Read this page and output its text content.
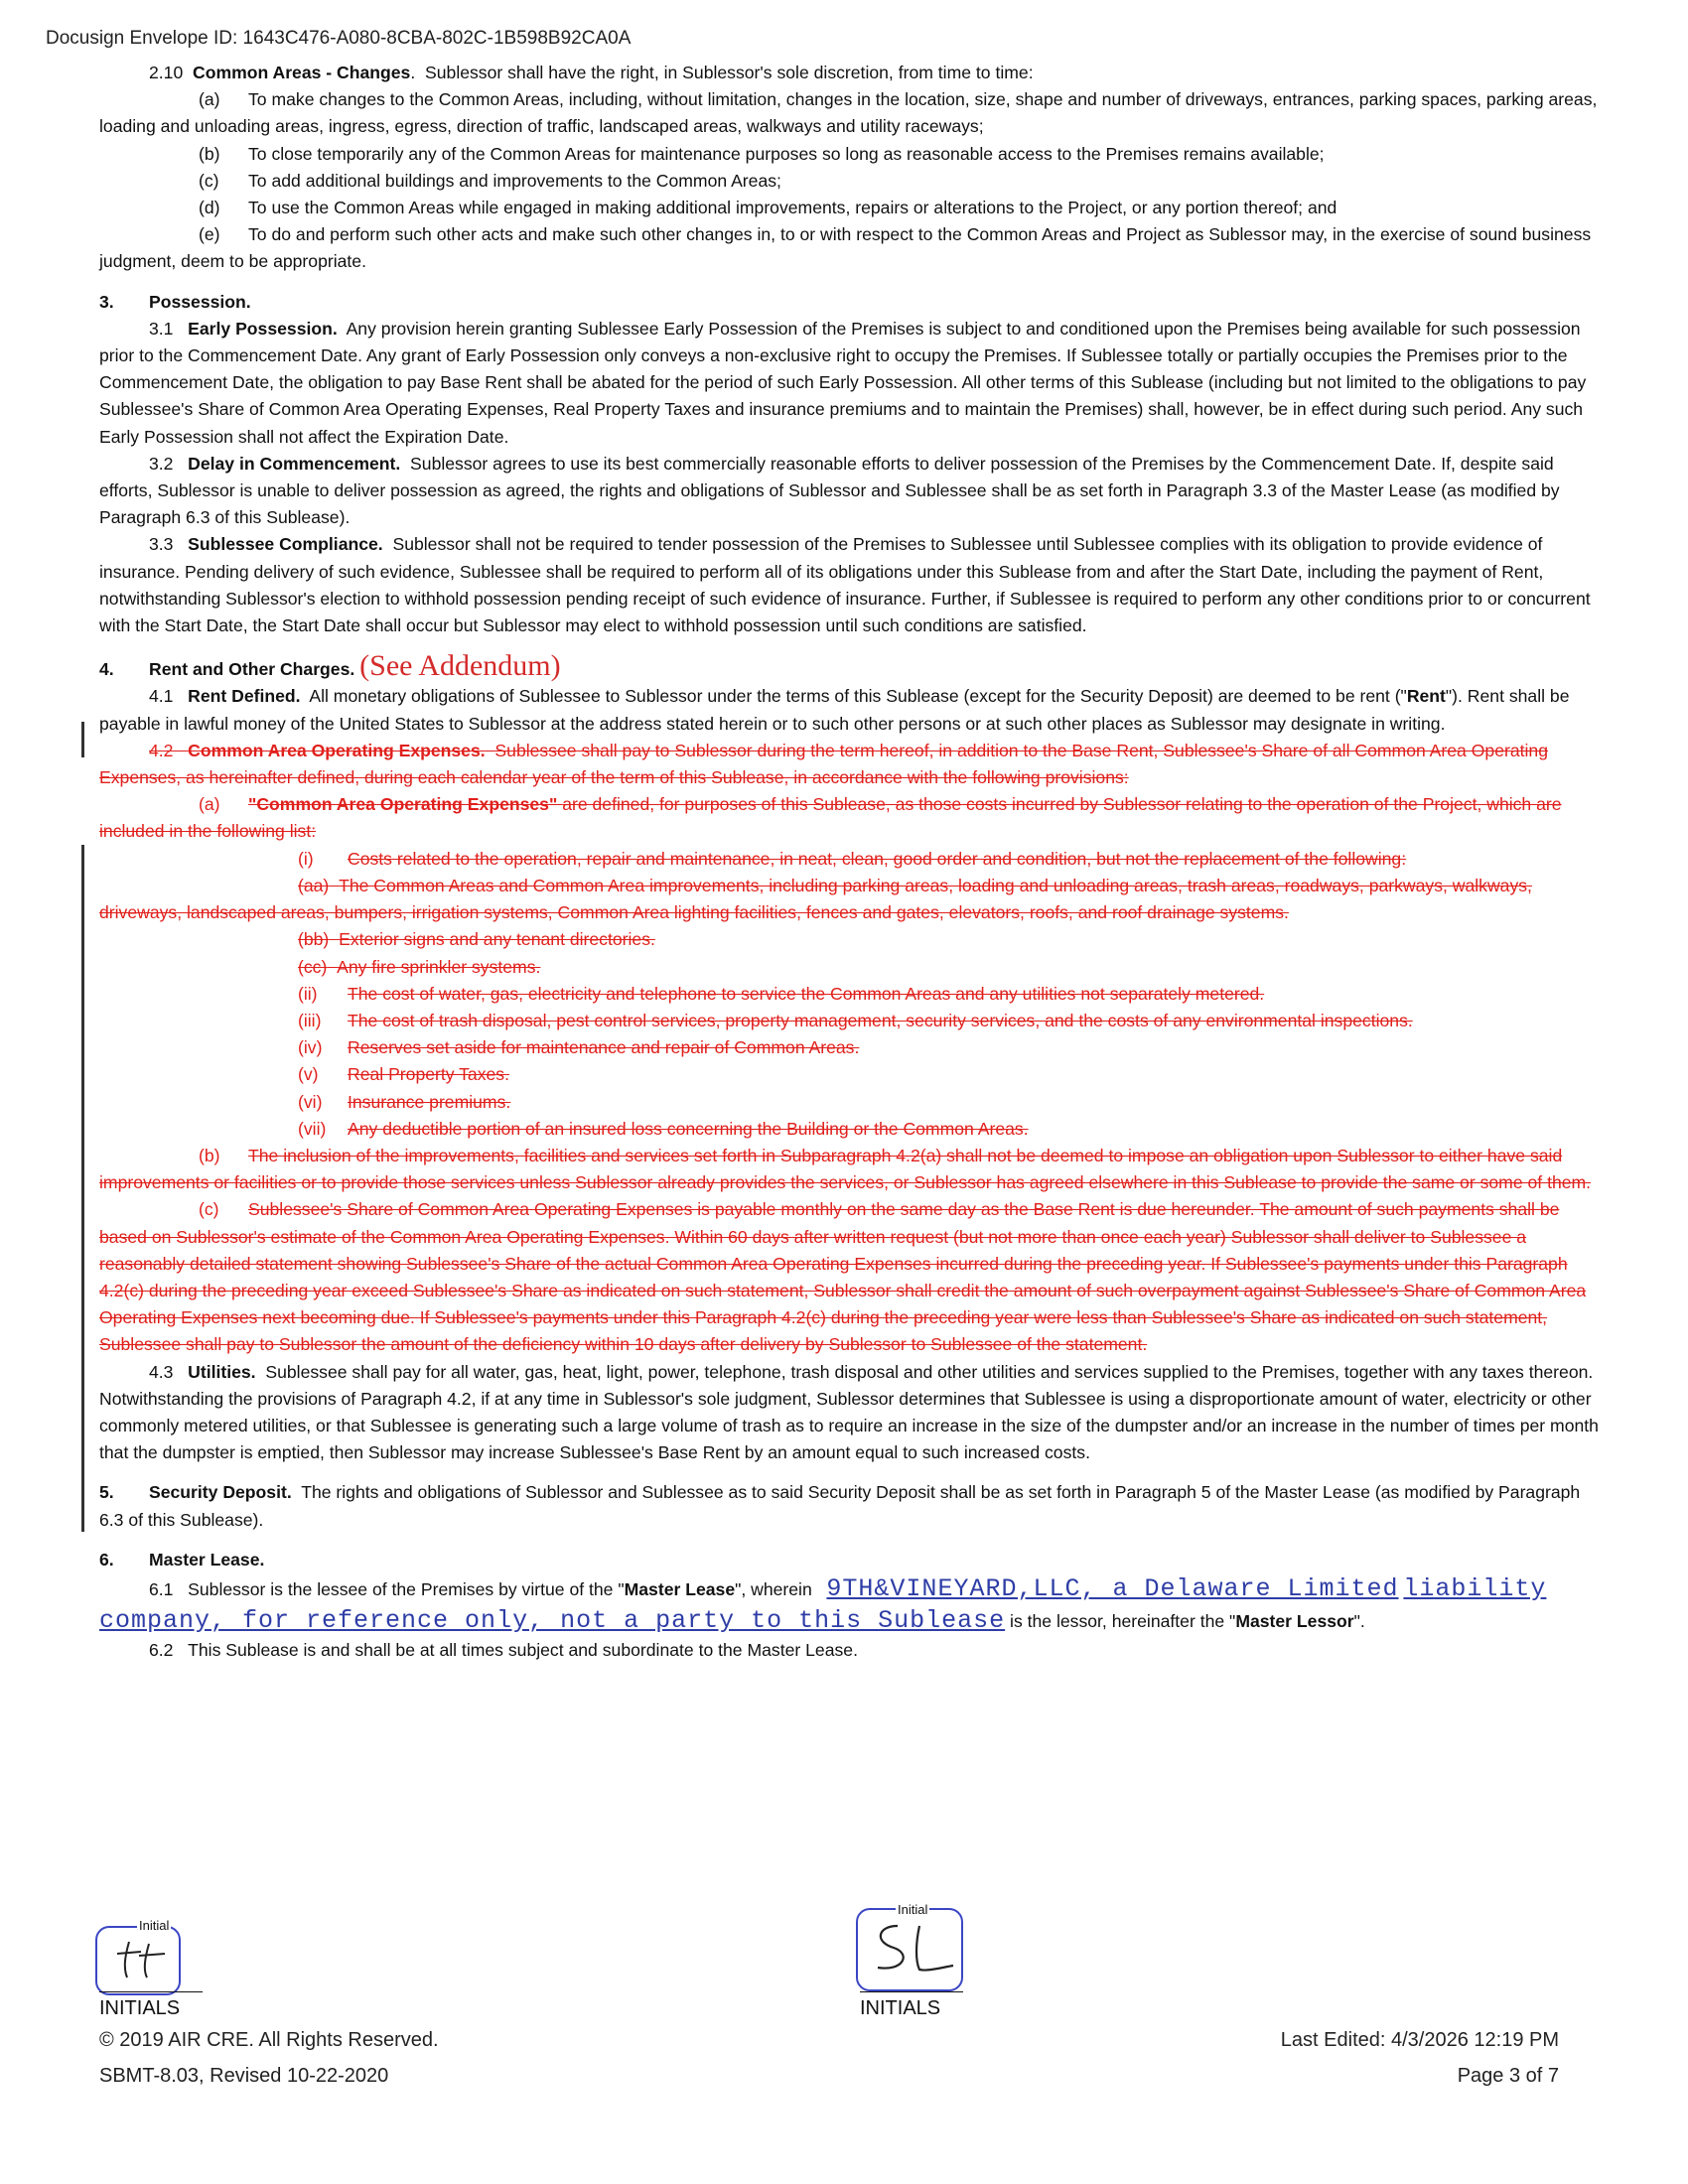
Docusign Envelope ID: 1643C476-A080-8CBA-802C-1B598B92CA0A

2.10 Common Areas - Changes.  Sublessor shall have the right, in Sublessor's sole discretion, from time to time:

(a) To make changes to the Common Areas, including, without limitation, changes in the location, size, shape and number of driveways, entrances, parking spaces, parking areas, loading and unloading areas, ingress, egress, direction of traffic, landscaped areas, walkways and utility raceways;

(b) To close temporarily any of the Common Areas for maintenance purposes so long as reasonable access to the Premises remains available;

(c) To add additional buildings and improvements to the Common Areas;

(d) To use the Common Areas while engaged in making additional improvements, repairs or alterations to the Project, or any portion thereof; and

(e) To do and perform such other acts and make such other changes in, to or with respect to the Common Areas and Project as Sublessor may, in the exercise of sound business judgment, deem to be appropriate.

3. Possession.

3.1 Early Possession. Any provision herein granting Sublessee Early Possession of the Premises is subject to and conditioned upon the Premises being available for such possession prior to the Commencement Date. Any grant of Early Possession only conveys a non-exclusive right to occupy the Premises. If Sublessee totally or partially occupies the Premises prior to the Commencement Date, the obligation to pay Base Rent shall be abated for the period of such Early Possession. All other terms of this Sublease (including but not limited to the obligations to pay Sublessee's Share of Common Area Operating Expenses, Real Property Taxes and insurance premiums and to maintain the Premises) shall, however, be in effect during such period. Any such Early Possession shall not affect the Expiration Date.

3.2 Delay in Commencement. Sublessor agrees to use its best commercially reasonable efforts to deliver possession of the Premises by the Commencement Date. If, despite said efforts, Sublessor is unable to deliver possession as agreed, the rights and obligations of Sublessor and Sublessee shall be as set forth in Paragraph 3.3 of the Master Lease (as modified by Paragraph 6.3 of this Sublease).

3.3 Sublessee Compliance. Sublessor shall not be required to tender possession of the Premises to Sublessee until Sublessee complies with its obligation to provide evidence of insurance. Pending delivery of such evidence, Sublessee shall be required to perform all of its obligations under this Sublease from and after the Start Date, including the payment of Rent, notwithstanding Sublessor's election to withhold possession pending receipt of such evidence of insurance. Further, if Sublessee is required to perform any other conditions prior to or concurrent with the Start Date, the Start Date shall occur but Sublessor may elect to withhold possession until such conditions are satisfied.

4. Rent and Other Charges. (See Addendum)

4.1 Rent Defined. All monetary obligations of Sublessee to Sublessor under the terms of this Sublease (except for the Security Deposit) are deemed to be rent ("Rent"). Rent shall be payable in lawful money of the United States to Sublessor at the address stated herein or to such other persons or at such other places as Sublessor may designate in writing.

4.2 Common Area Operating Expenses. Sublessee shall pay to Sublessor during the term hereof, in addition to the Base Rent, Sublessee's Share of all Common Area Operating Expenses, as hereinafter defined, during each calendar year of the term of this Sublease, in accordance with the following provisions:

(a) "Common Area Operating Expenses" are defined, for purposes of this Sublease, as those costs incurred by Sublessor relating to the operation of the Project, which are included in the following list:

(i) Costs related to the operation, repair and maintenance, in neat, clean, good order and condition, but not the replacement of the following:

(aa) The Common Areas and Common Area improvements, including parking areas, loading and unloading areas, trash areas, roadways, parkways, walkways, driveways, landscaped areas, bumpers, irrigation systems, Common Area lighting facilities, fences and gates, elevators, roofs, and roof drainage systems.

(bb) Exterior signs and any tenant directories.

(cc) Any fire sprinkler systems.

(ii) The cost of water, gas, electricity and telephone to service the Common Areas and any utilities not separately metered.

(iii) The cost of trash disposal, pest control services, property management, security services, and the costs of any environmental inspections.

(iv) Reserves set aside for maintenance and repair of Common Areas.

(v) Real Property Taxes.

(vi) Insurance premiums.

(vii) Any deductible portion of an insured loss concerning the Building or the Common Areas.

(b) The inclusion of the improvements, facilities and services set forth in Subparagraph 4.2(a) shall not be deemed to impose an obligation upon Sublessor to either have said improvements or facilities or to provide those services unless Sublessor already provides the services, or Sublessor has agreed elsewhere in this Sublease to provide the same or some of them.

(c) Sublessee's Share of Common Area Operating Expenses is payable monthly on the same day as the Base Rent is due hereunder. The amount of such payments shall be based on Sublessor's estimate of the Common Area Operating Expenses. Within 60 days after written request (but not more than once each year) Sublessor shall deliver to Sublessee a reasonably detailed statement showing Sublessee's Share of the actual Common Area Operating Expenses incurred during the preceding year. If Sublessee's payments under this Paragraph 4.2(c) during the preceding year exceed Sublessee's Share as indicated on such statement, Sublessor shall credit the amount of such overpayment against Sublessee's Share of Common Area Operating Expenses next becoming due. If Sublessee's payments under this Paragraph 4.2(c) during the preceding year were less than Sublessee's Share as indicated on such statement, Sublessee shall pay to Sublessor the amount of the deficiency within 10 days after delivery by Sublessor to Sublessee of the statement.

4.3 Utilities. Sublessee shall pay for all water, gas, heat, light, power, telephone, trash disposal and other utilities and services supplied to the Premises, together with any taxes thereon. Notwithstanding the provisions of Paragraph 4.2, if at any time in Sublessor's sole judgment, Sublessor determines that Sublessee is using a disproportionate amount of water, electricity or other commonly metered utilities, or that Sublessee is generating such a large volume of trash as to require an increase in the size of the dumpster and/or an increase in the number of times per month that the dumpster is emptied, then Sublessor may increase Sublessee's Base Rent by an amount equal to such increased costs.

5. Security Deposit. The rights and obligations of Sublessor and Sublessee as to said Security Deposit shall be as set forth in Paragraph 5 of the Master Lease (as modified by Paragraph 6.3 of this Sublease).

6. Master Lease.

6.1 Sublessor is the lessee of the Premises by virtue of the "Master Lease", wherein 9TH&VINEYARD,LLC, a Delaware Limited liability company, for reference only, not a party to this Sublease is the lessor, hereinafter the "Master Lessor".

6.2 This Sublease is and shall be at all times subject and subordinate to the Master Lease.

Initial
INITIALS
Initial
INITIALS
© 2019 AIR CRE. All Rights Reserved.
SBMT-8.03, Revised 10-22-2020
Last Edited: 4/3/2026 12:19 PM
Page 3 of 7
